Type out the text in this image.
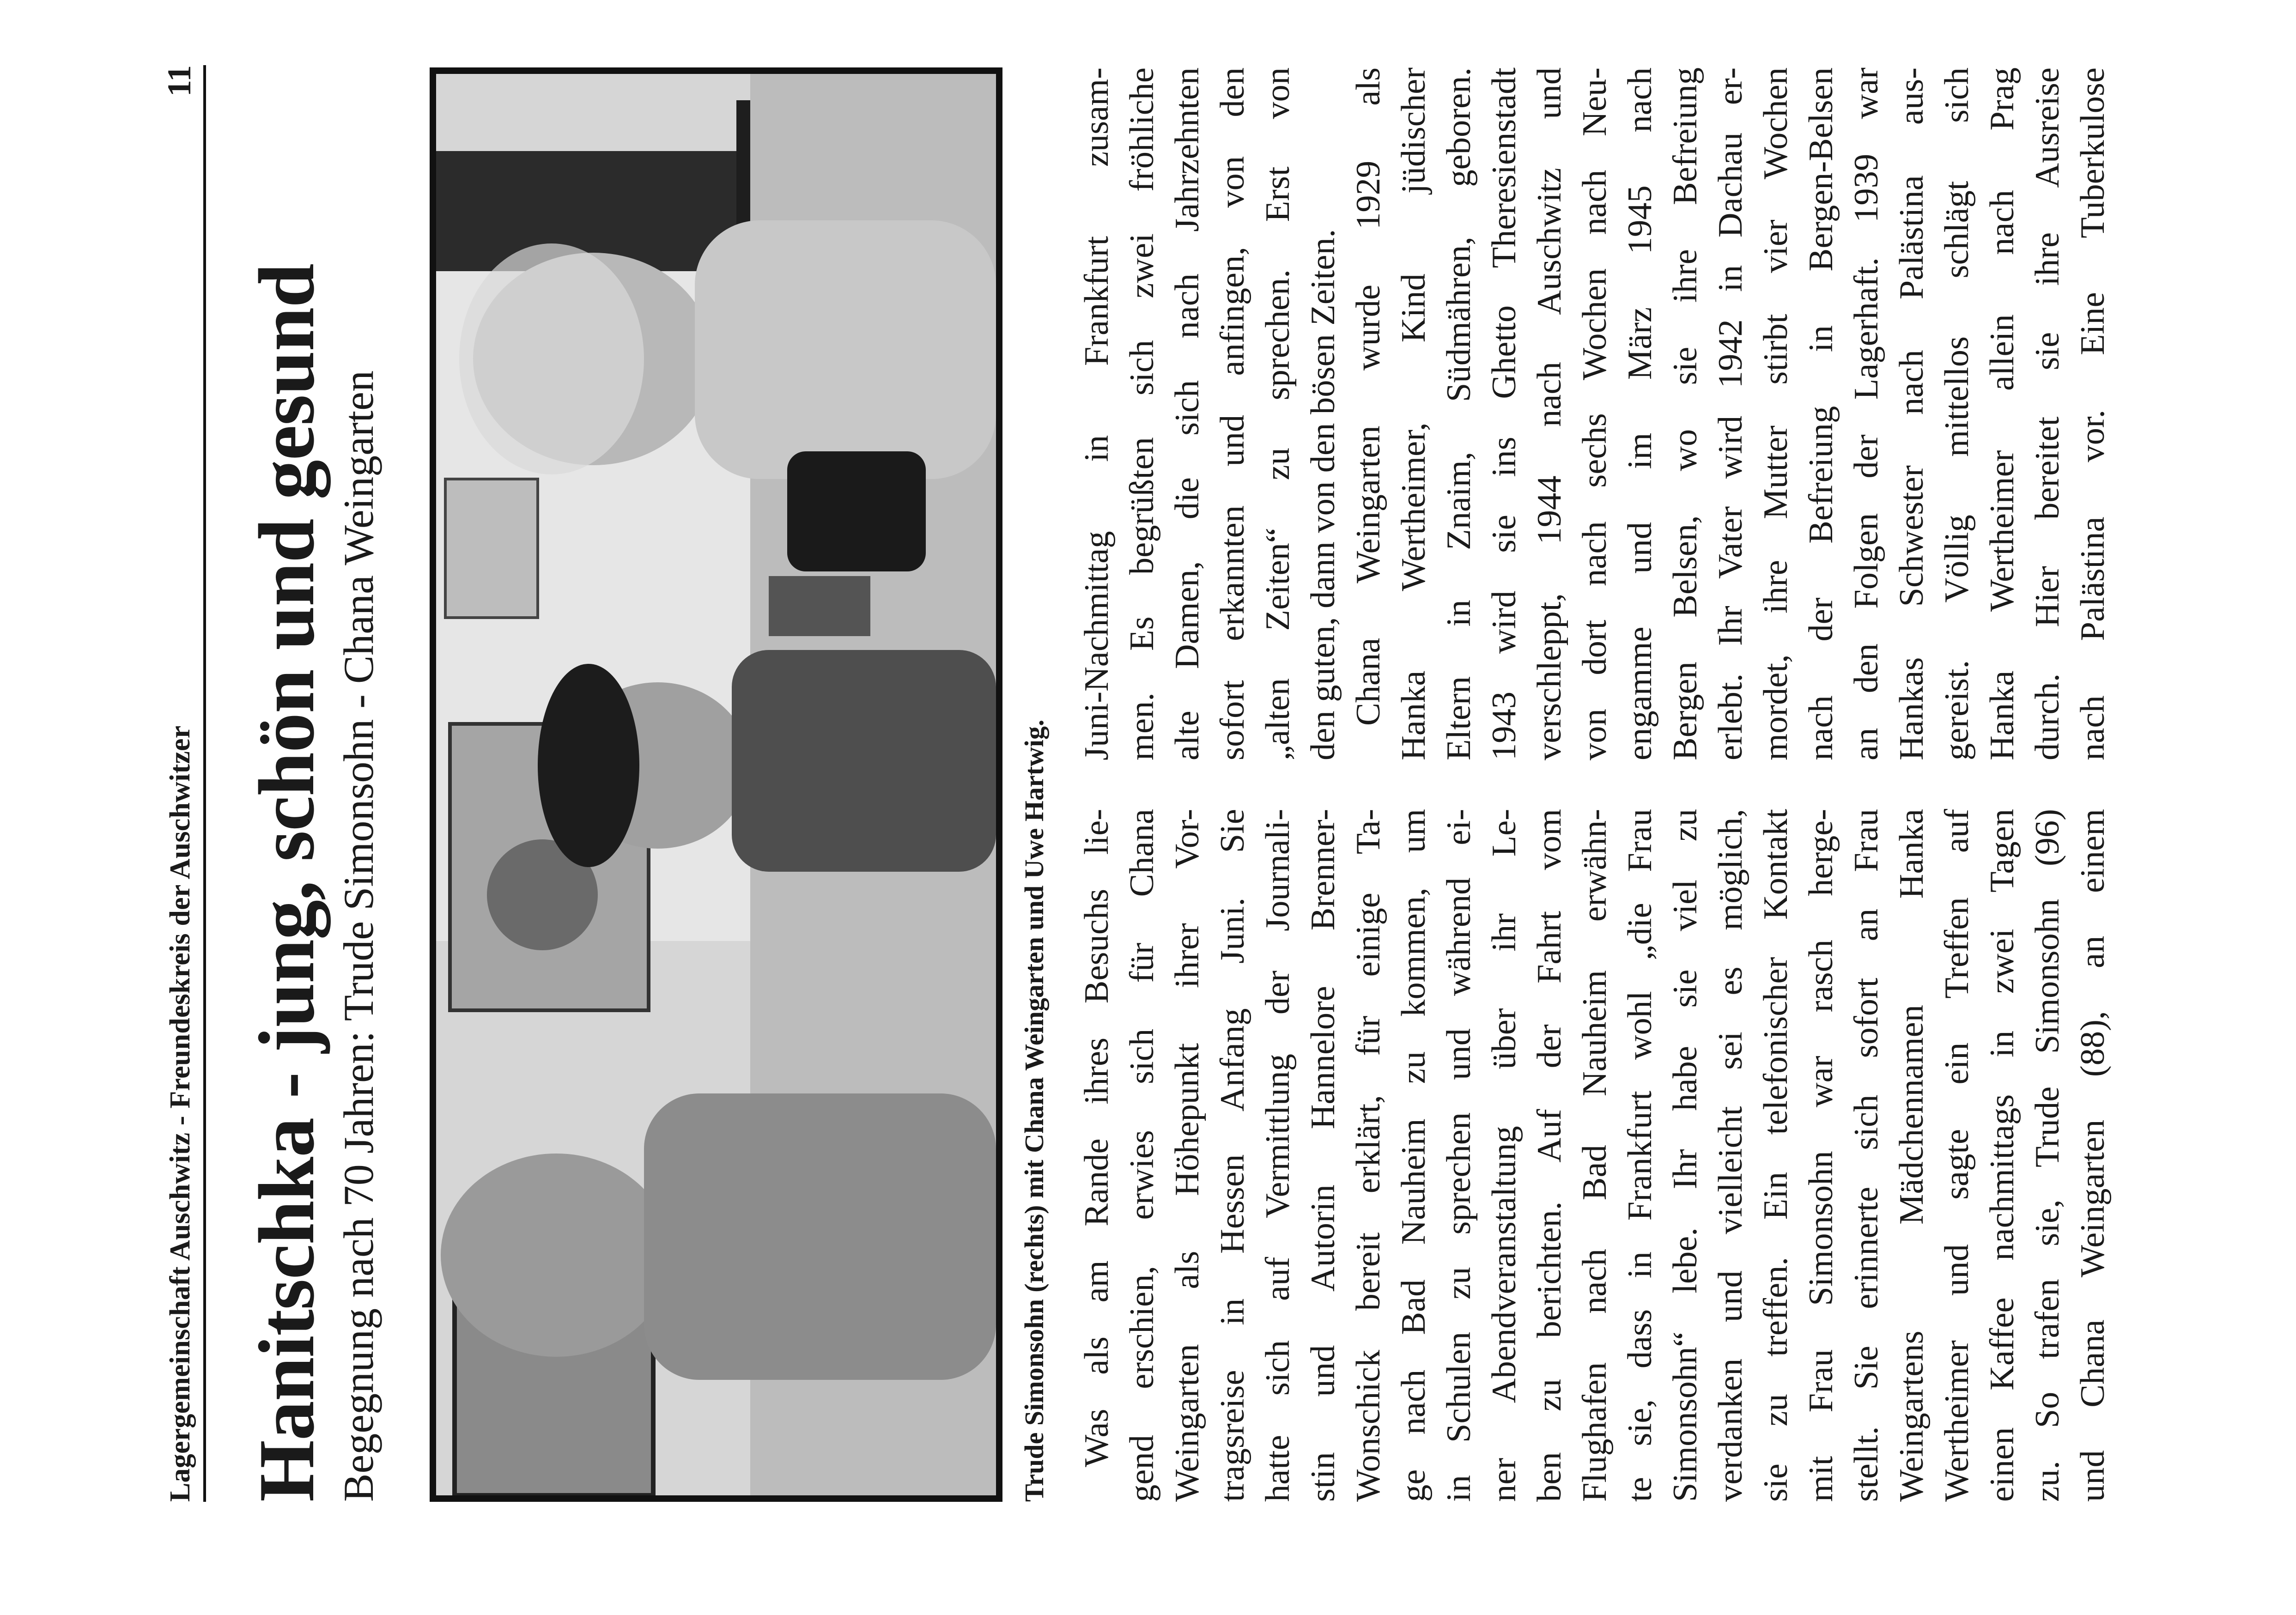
Lagergemeinschaft Auschwitz - Freundeskreis der Auschwitzer
11
Hanitschka - jung, schön und gesund Begegnung nach 70 Jahren: Trude Simonsohn - Chana Weingarten	Trude Simonsohn (rechts) mit Chana Weingarten und Uwe Hartwig. Was als am Rande ihres Besuchs lie- gend erschien, erwies sich für Chana Weingarten als Höhepunkt ihrer Vor- tragsreise in Hessen Anfang Juni. Sie hatte sich auf Vermittlung der Journali- stin und Autorin Hannelore Brenner- Wonschick bereit erklärt, für einige Ta- ge nach Bad Nauheim zu kommen, um in Schulen zu sprechen und während ei- ner Abendveranstaltung über ihr Le- ben zu berichten. Auf der Fahrt vom Flughafen nach Bad Nauheim erwähn- te sie, dass in Frankfurt wohl „die Frau Simonsohn“ lebe. Ihr habe sie viel zu verdanken und vielleicht sei es möglich, sie zu treffen. Ein telefonischer Kontakt mit Frau Simonsohn war rasch herge- stellt. Sie erinnerte sich sofort an Frau Weingartens Mädchennamen Hanka Wertheimer und sagte ein Treffen auf einen Kaffee nachmittags in zwei Tagen zu. So trafen sie, Trude Simonsohn (96) und Chana Weingarten (88), an einem
Juni-Nachmittag in Frankfurt zusam- men. Es begrüßten sich zwei fröhliche alte Damen, die sich nach Jahrzehnten sofort erkannten und anfingen, von den „alten Zeiten“ zu sprechen. Erst von den guten, dann von den bösen Zeiten. Chana Weingarten wurde 1929 als Hanka Wertheimer, Kind jüdischer Eltern in Znaim, Südmähren, geboren. 1943 wird sie ins Ghetto Theresienstadt verschleppt, 1944 nach Auschwitz und von dort nach sechs Wochen nach Neu- engamme und im März 1945 nach Bergen Belsen, wo sie ihre Befreiung erlebt. Ihr Vater wird 1942 in Dachau er- mordet, ihre Mutter stirbt vier Wochen nach der Befreiung in Bergen-Belsen an den Folgen der Lagerhaft. 1939 war Hankas Schwester nach Palästina aus- gereist. Völlig mittellos schlägt sich Hanka Wertheimer allein nach Prag durch. Hier bereitet sie ihre Ausreise nach Palästina vor. Eine Tuberkulose
